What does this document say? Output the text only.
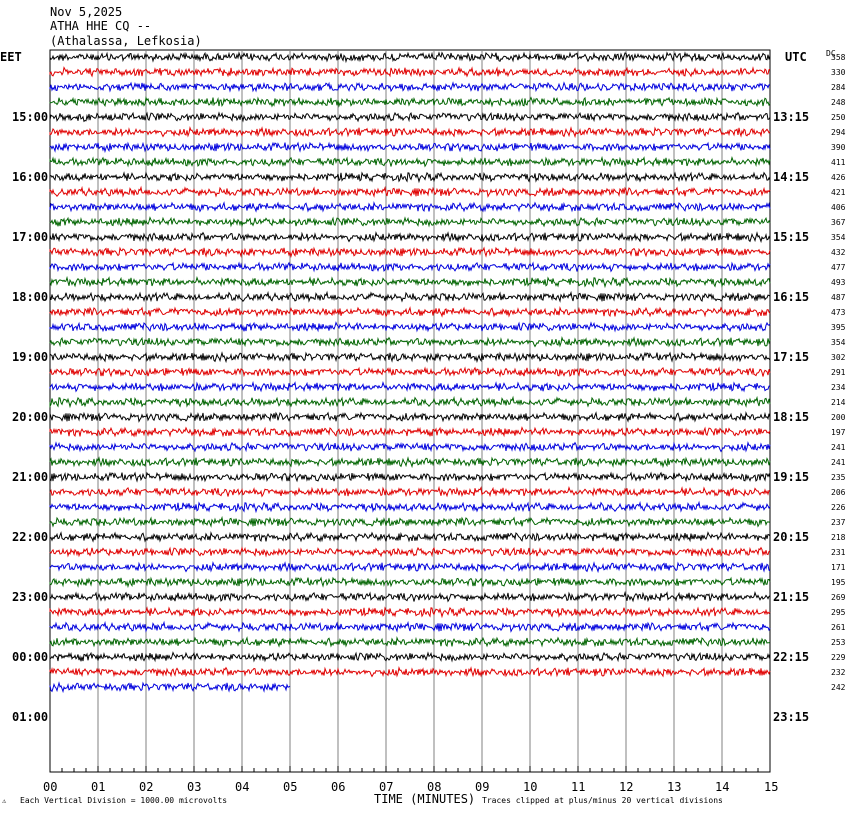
Nov 5,2025
ATHA HHE CQ --
(Athalassa, Lefkosia)
EET	UTC DC
15:00
16:00
17:00
18:00
19:00
20:00
21:00
22:00
23:00
00:00
01:00
13:15
14:15
15:15
16:15
17:15
18:15
19:15
20:15
21:15
22:15
23:15
358
330
284
248
250
294
390
411
426
421
406
367
354
432
477
493
487
473
395
354
302
291
234
214
200
197
241
241
235
206
226
237
218
231
171
195
269
295
261
253
229
232
242
00	01	02	03	04	05	06	07	08	09	10	11	12	13	14	15
TIME (MINUTES)
Each Vertical Division = 1000.00 microvolts	Traces clipped at plus/minus 20 vertical divisions
⚠
